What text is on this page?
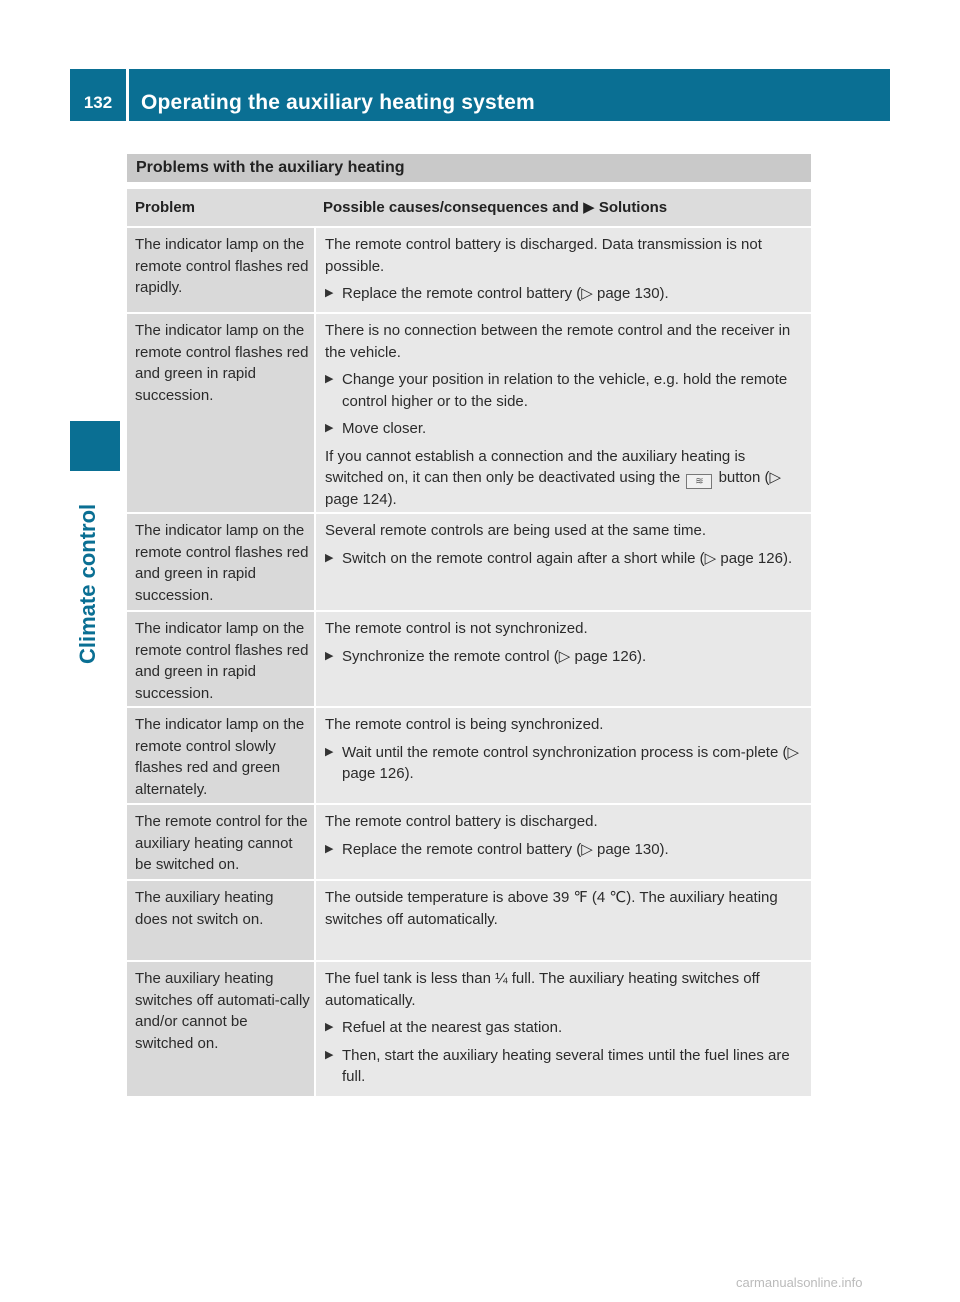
132	Operating the auxiliary heating system
Climate control
Problems with the auxiliary heating
Problem	Possible causes/consequences and ▶ Solutions
The indicator lamp on the remote control flashes red rapidly.

The remote control battery is discharged. Data transmission is not possible.

▶ Replace the remote control battery (▷ page 130).
The indicator lamp on the remote control flashes red and green in rapid succession.

There is no connection between the remote control and the receiver in the vehicle.

▶ Change your position in relation to the vehicle, e.g. hold the remote control higher or to the side.
▶ Move closer.

If you cannot establish a connection and the auxiliary heating is switched on, it can then only be deactivated using the ≋ button (▷ page 124).

The indicator lamp on the remote control flashes red and green in rapid succession.

Several remote controls are being used at the same time.

▶ Switch on the remote control again after a short while (▷ page 126).
The indicator lamp on the remote control flashes red and green in rapid succession.

The remote control is not synchronized.

▶ Synchronize the remote control (▷ page 126).
The indicator lamp on the remote control slowly flashes red and green alternately.

The remote control is being synchronized.

▶ Wait until the remote control synchronization process is com-plete (▷ page 126).
The remote control for the auxiliary heating cannot be switched on.

The remote control battery is discharged.

▶ Replace the remote control battery (▷ page 130).
The auxiliary heating does not switch on.

The outside temperature is above 39 ℉ (4 ℃). The auxiliary heating switches off automatically.

The auxiliary heating switches off automati-cally and/or cannot be switched on.

The fuel tank is less than ¼ full. The auxiliary heating switches off automatically.

▶ Refuel at the nearest gas station.
▶ Then, start the auxiliary heating several times until the fuel lines are full.
carmanualsonline.info
